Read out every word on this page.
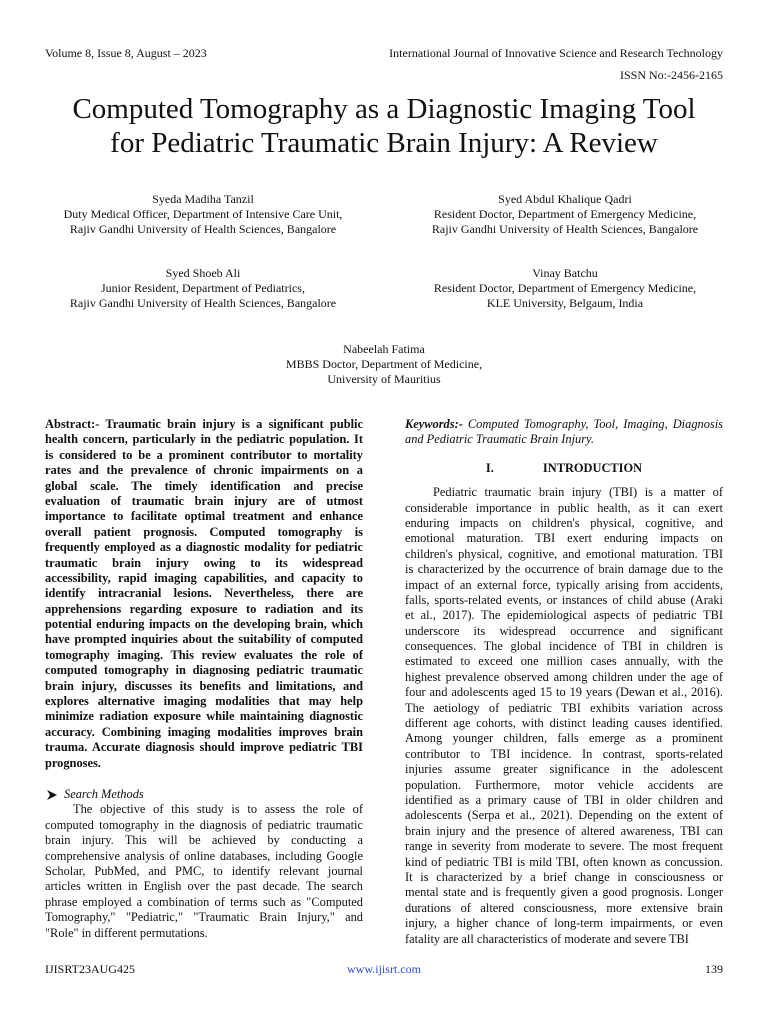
Volume 8, Issue 8, August – 2023	International Journal of Innovative Science and Research Technology
ISSN No:-2456-2165
Computed Tomography as a Diagnostic Imaging Tool
for Pediatric Traumatic Brain Injury: A Review
Syeda Madiha Tanzil
Duty Medical Officer, Department of Intensive Care Unit,
Rajiv Gandhi University of Health Sciences, Bangalore
Syed Abdul Khalique Qadri
Resident Doctor, Department of Emergency Medicine,
Rajiv Gandhi University of Health Sciences, Bangalore
Syed Shoeb Ali
Junior Resident, Department of Pediatrics,
Rajiv Gandhi University of Health Sciences, Bangalore
Vinay Batchu
Resident Doctor, Department of Emergency Medicine,
KLE University, Belgaum, India
Nabeelah Fatima
MBBS Doctor, Department of Medicine,
University of Mauritius
Abstract:- Traumatic brain injury is a significant public
health concern, particularly in the pediatric population. It
is considered to be a prominent contributor to mortality
rates and the prevalence of chronic impairments on a
global scale. The timely identification and precise
evaluation of traumatic brain injury are of utmost
importance to facilitate optimal treatment and enhance
overall patient prognosis. Computed tomography is
frequently employed as a diagnostic modality for pediatric
traumatic brain injury owing to its widespread
accessibility, rapid imaging capabilities, and capacity to
identify intracranial lesions. Nevertheless, there are
apprehensions regarding exposure to radiation and its
potential enduring impacts on the developing brain, which
have prompted inquiries about the suitability of computed
tomography imaging. This review evaluates the role of
computed tomography in diagnosing pediatric traumatic
brain injury, discusses its benefits and limitations, and
explores alternative imaging modalities that may help
minimize radiation exposure while maintaining diagnostic
accuracy. Combining imaging modalities improves brain
trauma. Accurate diagnosis should improve pediatric TBI
prognoses.
Search Methods
The objective of this study is to assess the role of
computed tomography in the diagnosis of pediatric traumatic
brain injury. This will be achieved by conducting a
comprehensive analysis of online databases, including Google
Scholar, PubMed, and PMC, to identify relevant journal
articles written in English over the past decade. The search
phrase employed a combination of terms such as "Computed
Tomography," "Pediatric," "Traumatic Brain Injury," and
"Role" in different permutations.
Keywords:- Computed Tomography, Tool, Imaging, Diagnosis
and Pediatric Traumatic Brain Injury.
I.	INTRODUCTION
Pediatric traumatic brain injury (TBI) is a matter of
considerable importance in public health, as it can exert
enduring impacts on children's physical, cognitive, and
emotional maturation. TBI exert enduring impacts on
children's physical, cognitive, and emotional maturation. TBI
is characterized by the occurrence of brain damage due to the
impact of an external force, typically arising from accidents,
falls, sports-related events, or instances of child abuse (Araki
et al., 2017). The epidemiological aspects of pediatric TBI
underscore its widespread occurrence and significant
consequences. The global incidence of TBI in children is
estimated to exceed one million cases annually, with the
highest prevalence observed among children under the age of
four and adolescents aged 15 to 19 years (Dewan et al., 2016).
The aetiology of pediatric TBI exhibits variation across
different age cohorts, with distinct leading causes identified.
Among younger children, falls emerge as a prominent
contributor to TBI incidence. In contrast, sports-related
injuries assume greater significance in the adolescent
population. Furthermore, motor vehicle accidents are
identified as a primary cause of TBI in older children and
adolescents (Serpa et al., 2021). Depending on the extent of
brain injury and the presence of altered awareness, TBI can
range in severity from moderate to severe. The most frequent
kind of pediatric TBI is mild TBI, often known as concussion.
It is characterized by a brief change in consciousness or
mental state and is frequently given a good prognosis. Longer
durations of altered consciousness, more extensive brain
injury, a higher chance of long-term impairments, or even
fatality are all characteristics of moderate and severe TBI
IJISRT23AUG425	www.ijisrt.com	139
